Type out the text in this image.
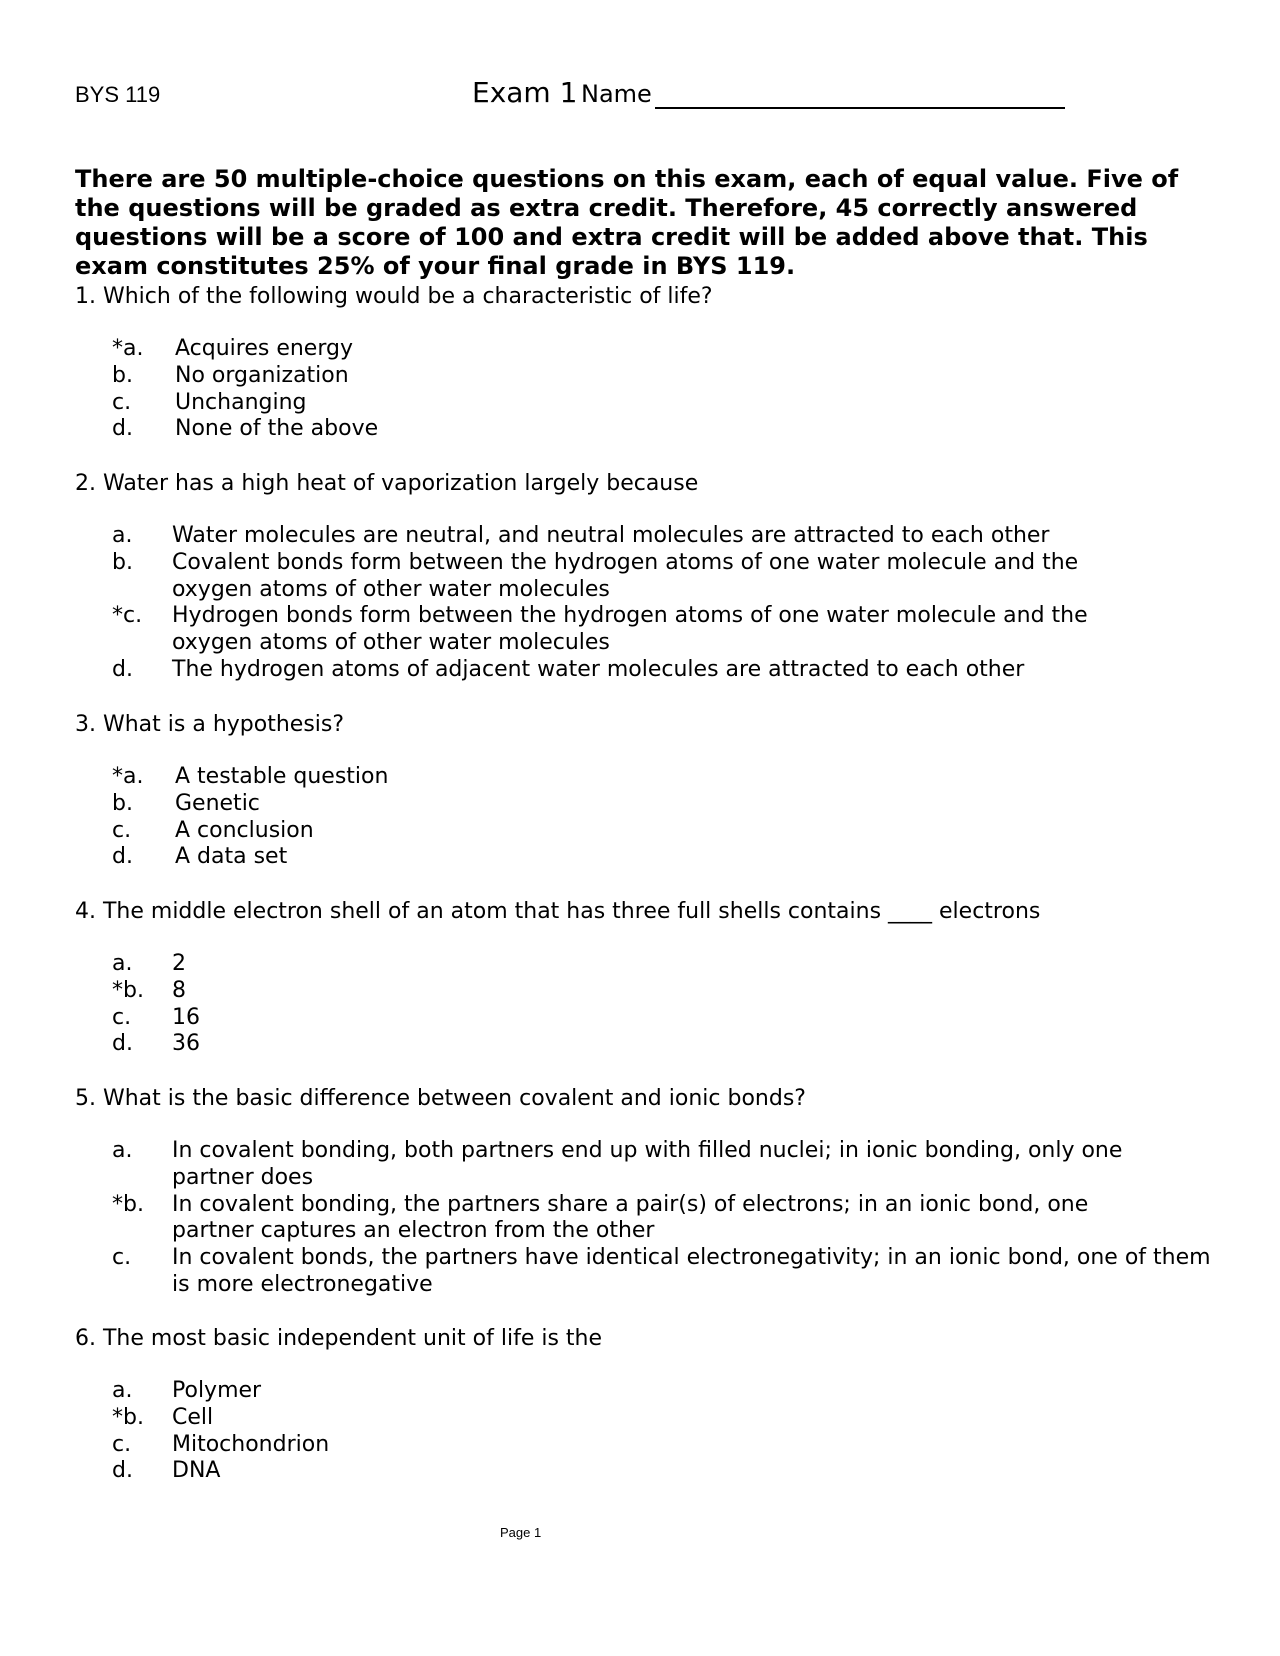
BYS 119	Exam 1 Name

There are 50 multiple-choice questions on this exam, each of equal value. Five of the questions will be graded as extra credit. Therefore, 45 correctly answered questions will be a score of 100 and extra credit will be added above that. This exam constitutes 25% of your final grade in BYS 119.

1. Which of the following would be a characteristic of life?

*a. Acquires energy
b. No organization
c. Unchanging
d. None of the above

2. Water has a high heat of vaporization largely because

a. Water molecules are neutral, and neutral molecules are attracted to each other
b. Covalent bonds form between the hydrogen atoms of one water molecule and the oxygen atoms of other water molecules
*c. Hydrogen bonds form between the hydrogen atoms of one water molecule and the oxygen atoms of other water molecules
d. The hydrogen atoms of adjacent water molecules are attracted to each other

3. What is a hypothesis?

*a. A testable question
b. Genetic
c. A conclusion
d. A data set

4. The middle electron shell of an atom that has three full shells contains ____ electrons

a. 2
*b. 8
c. 16
d. 36

5. What is the basic difference between covalent and ionic bonds?

a. In covalent bonding, both partners end up with filled nuclei; in ionic bonding, only one partner does
*b. In covalent bonding, the partners share a pair(s) of electrons; in an ionic bond, one partner captures an electron from the other
c. In covalent bonds, the partners have identical electronegativity; in an ionic bond, one of them is more electronegative

6. The most basic independent unit of life is the

a. Polymer
*b. Cell
c. Mitochondrion
d. DNA
Page 1
